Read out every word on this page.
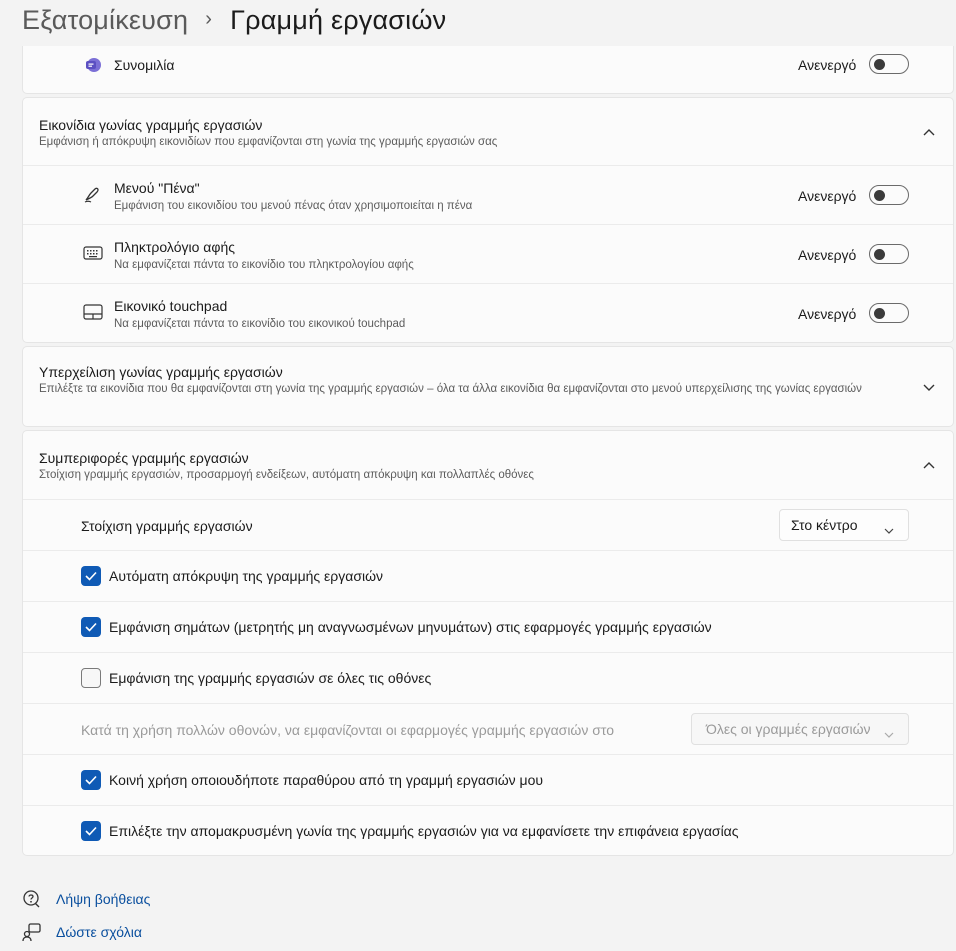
Εξατομίκευση › Γραμμή εργασιών
Συνομιλία	Ανενεργό
Εικονίδια γωνίας γραμμής εργασιών
Εμφάνιση ή απόκρυψη εικονιδίων που εμφανίζονται στη γωνία της γραμμής εργασιών σας
Μενού "Πένα"
Εμφάνιση του εικονιδίου του μενού πένας όταν χρησιμοποιείται η πένα
Ανενεργό
Πληκτρολόγιο αφής
Να εμφανίζεται πάντα το εικονίδιο του πληκτρολογίου αφής
Ανενεργό
Εικονικό touchpad
Να εμφανίζεται πάντα το εικονίδιο του εικονικού touchpad
Ανενεργό
Υπερχείλιση γωνίας γραμμής εργασιών
Επιλέξτε τα εικονίδια που θα εμφανίζονται στη γωνία της γραμμής εργασιών – όλα τα άλλα εικονίδια θα εμφανίζονται στο μενού υπερχείλισης της γωνίας εργασιών
Συμπεριφορές γραμμής εργασιών
Στοίχιση γραμμής εργασιών, προσαρμογή ενδείξεων, αυτόματη απόκρυψη και πολλαπλές οθόνες
Στοίχιση γραμμής εργασιών	Στο κέντρο
Αυτόματη απόκρυψη της γραμμής εργασιών
Εμφάνιση σημάτων (μετρητής μη αναγνωσμένων μηνυμάτων) στις εφαρμογές γραμμής εργασιών
Εμφάνιση της γραμμής εργασιών σε όλες τις οθόνες
Κατά τη χρήση πολλών οθονών, να εμφανίζονται οι εφαρμογές γραμμής εργασιών στο	Όλες οι γραμμές εργασιών
Κοινή χρήση οποιουδήποτε παραθύρου από τη γραμμή εργασιών μου
Επιλέξτε την απομακρυσμένη γωνία της γραμμής εργασιών για να εμφανίσετε την επιφάνεια εργασίας
Λήψη βοήθειας
Δώστε σχόλια
